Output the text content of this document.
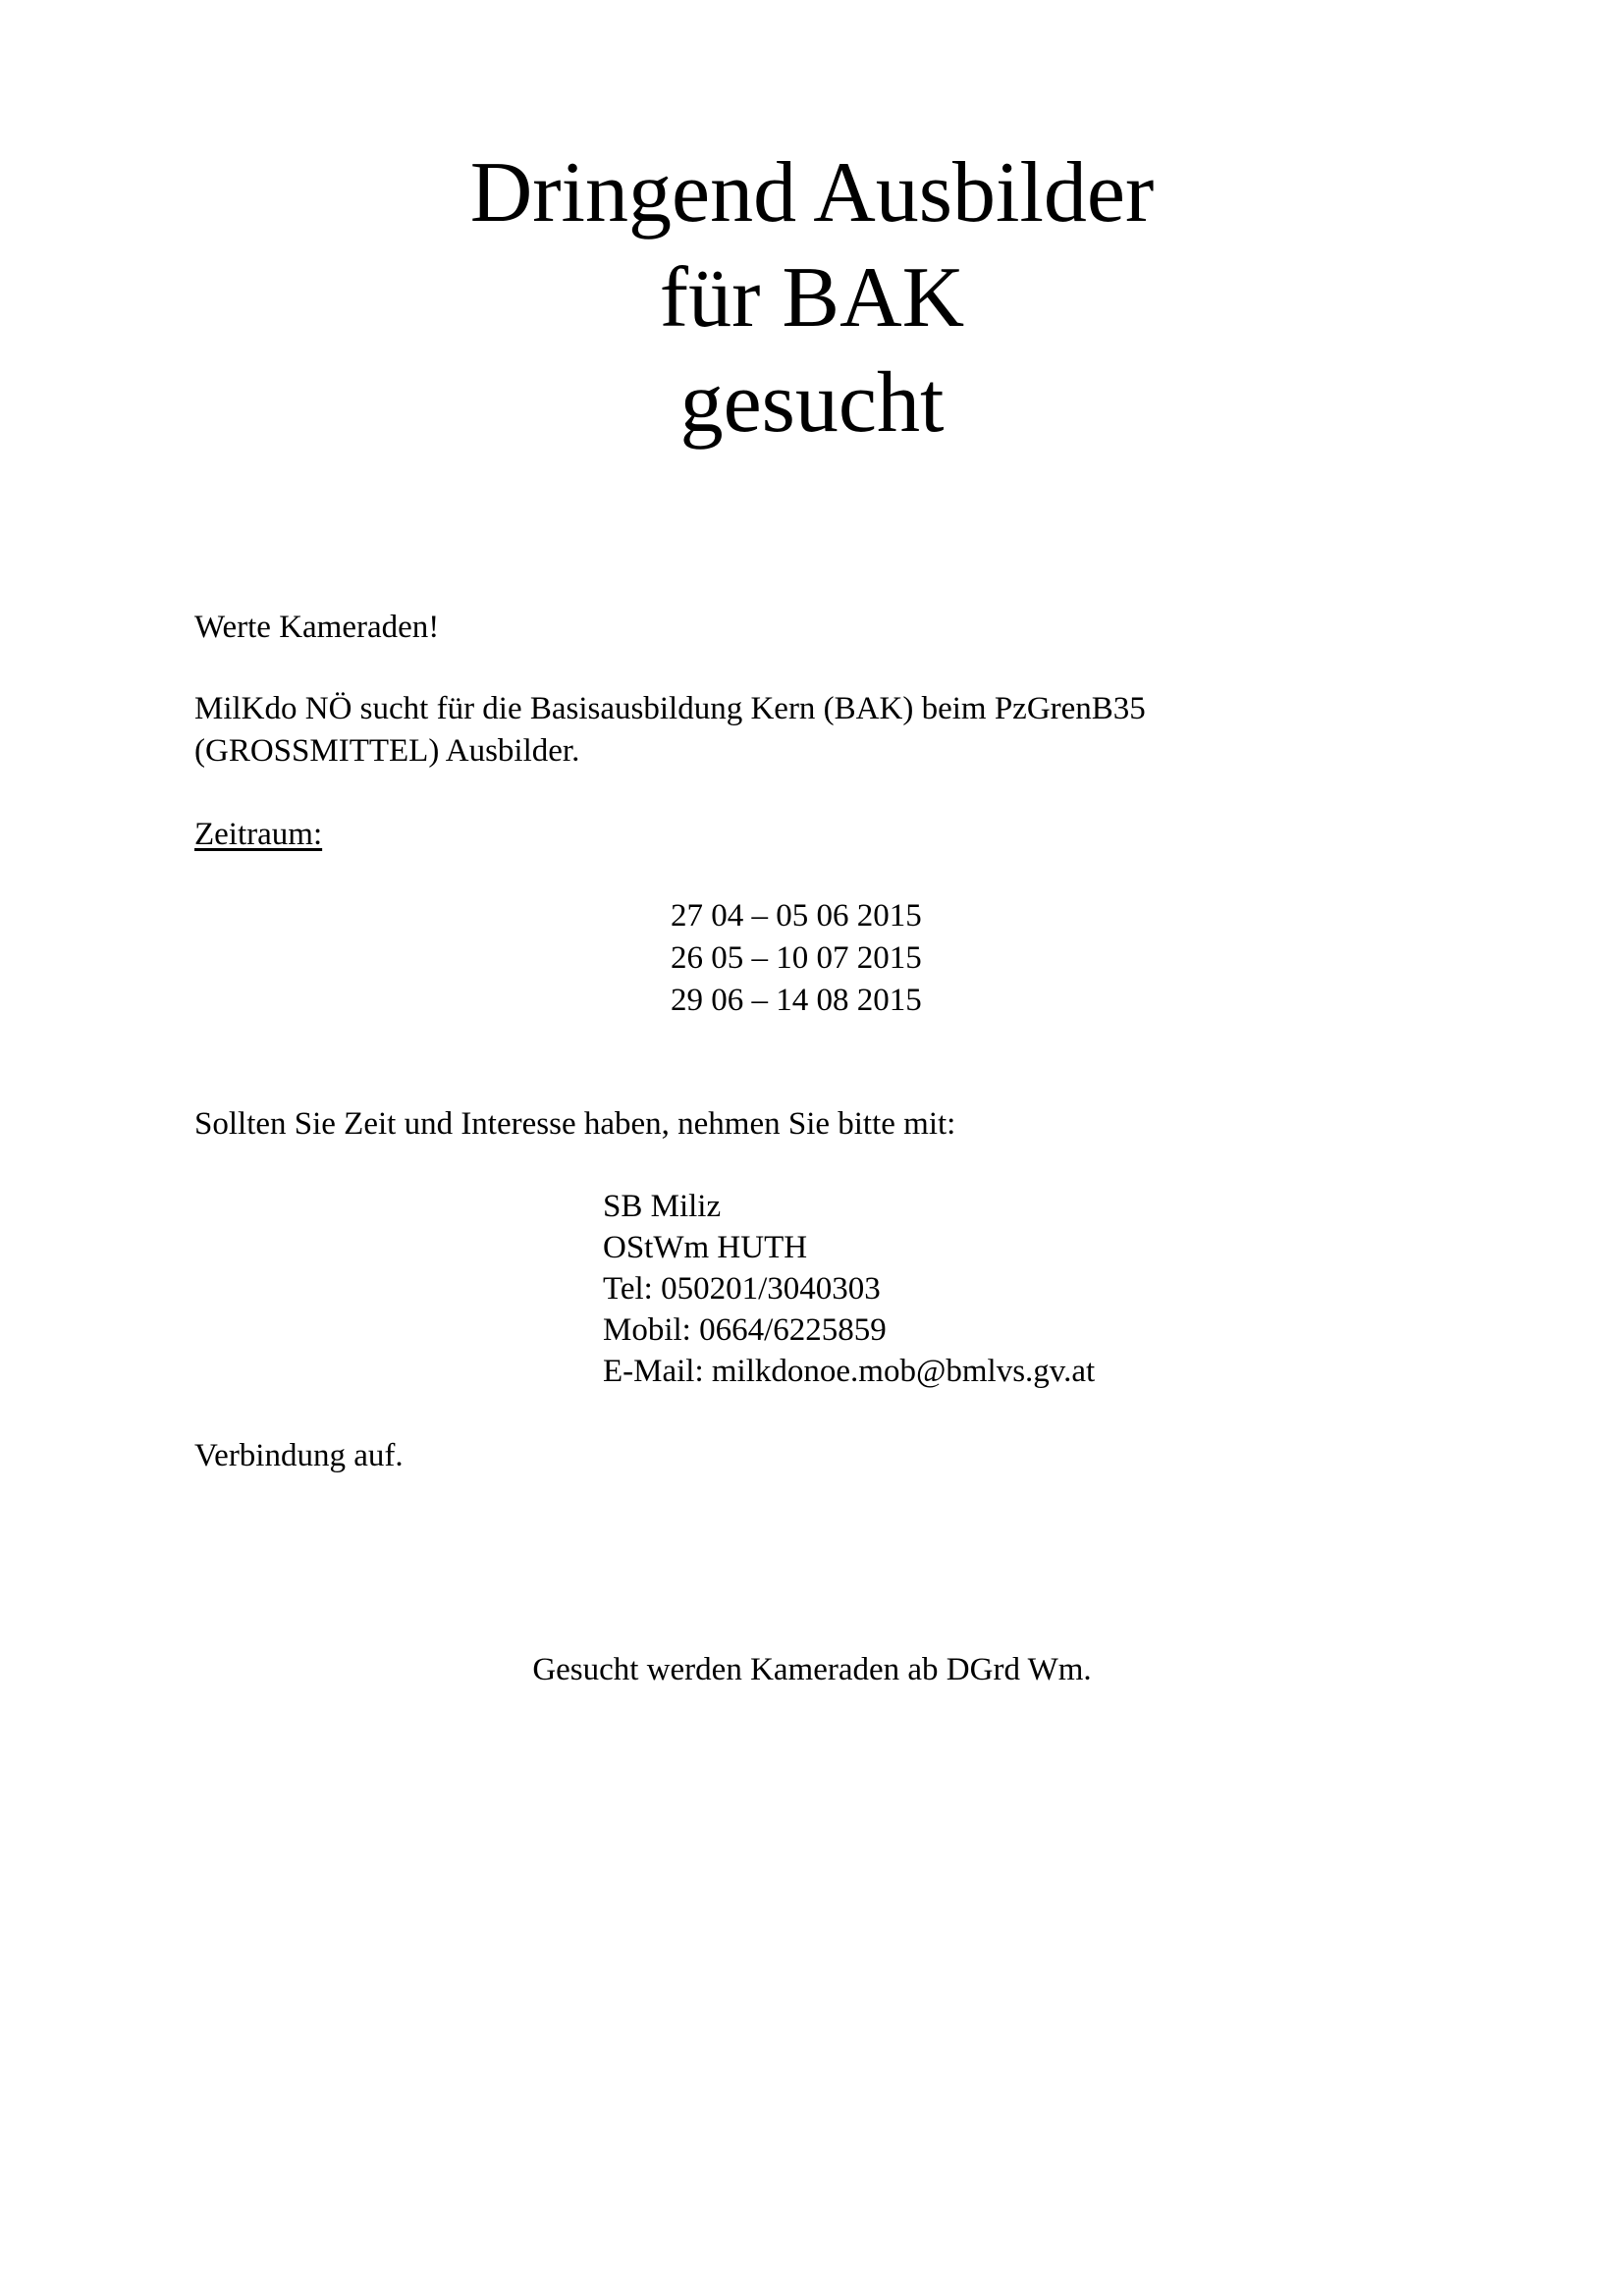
Dringend Ausbilder
für BAK
gesucht
Werte Kameraden!
MilKdo NÖ sucht für die Basisausbildung Kern (BAK) beim PzGrenB35
(GROSSMITTEL) Ausbilder.
Zeitraum:
27 04 – 05 06 2015
26 05 – 10 07 2015
29 06 – 14 08 2015
Sollten Sie Zeit und Interesse haben, nehmen Sie bitte mit:
SB Miliz
OStWm HUTH
Tel: 050201/3040303
Mobil: 0664/6225859
E-Mail: milkdonoe.mob@bmlvs.gv.at
Verbindung auf.
Gesucht werden Kameraden ab DGrd Wm.
